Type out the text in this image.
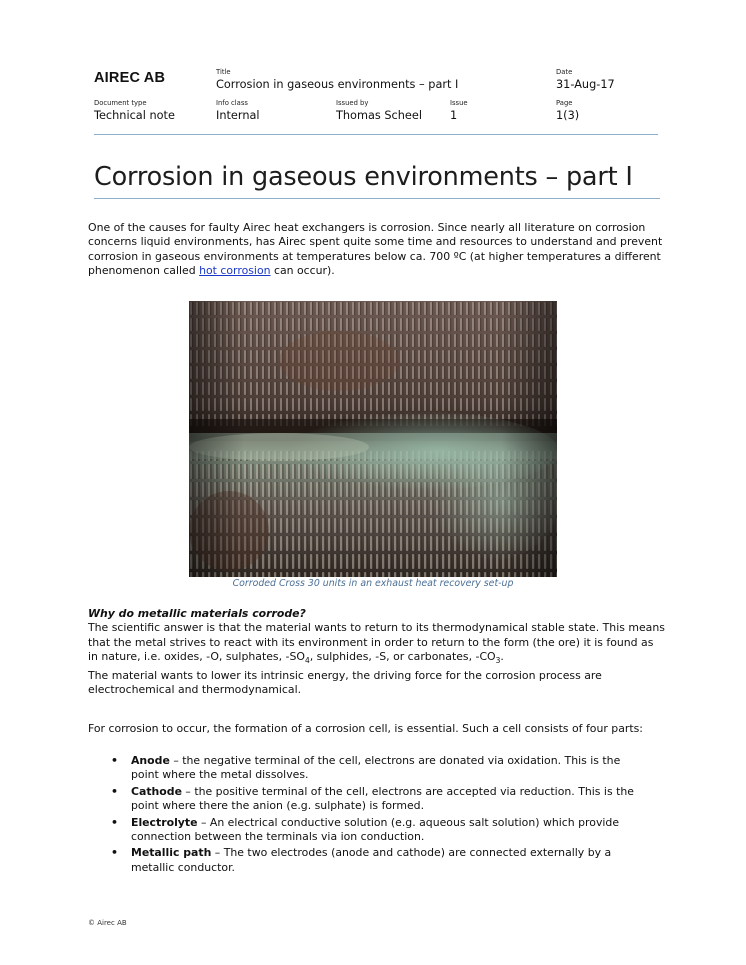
AIREC AB	Title
Corrosion in gaseous environments – part I
Date
31-Aug-17
Document type
Technical note
Info class
Internal
Issued by
Thomas Scheel
Issue
1
Page
1(3)
Corrosion in gaseous environments – part I

One of the causes for faulty Airec heat exchangers is corrosion. Since nearly all literature on corrosion concerns liquid environments, has Airec spent quite some time and resources to understand and prevent corrosion in gaseous environments at temperatures below ca. 700 ºC (at higher temperatures a different phenomenon called hot corrosion can occur).

Corroded Cross 30 units in an exhaust heat recovery set-up

Why do metallic materials corrode?

The scientific answer is that the material wants to return to its thermodynamical stable state. This means that the metal strives to react with its environment in order to return to the form (the ore) it is found as in nature, i.e. oxides, -O, sulphates, $-SO_4$, sulphides, -S, or carbonates, $-CO_3$.

The material wants to lower its intrinsic energy, the driving force for the corrosion process are electrochemical and thermodynamical.

For corrosion to occur, the formation of a corrosion cell, is essential. Such a cell consists of four parts:

• Anode – the negative terminal of the cell, electrons are donated via oxidation. This is the point where the metal dissolves.
• Cathode – the positive terminal of the cell, electrons are accepted via reduction. This is the point where there the anion (e.g. sulphate) is formed.
• Electrolyte – An electrical conductive solution (e.g. aqueous salt solution) which provide connection between the terminals via ion conduction.
• Metallic path – The two electrodes (anode and cathode) are connected externally by a metallic conductor.
© Airec AB
